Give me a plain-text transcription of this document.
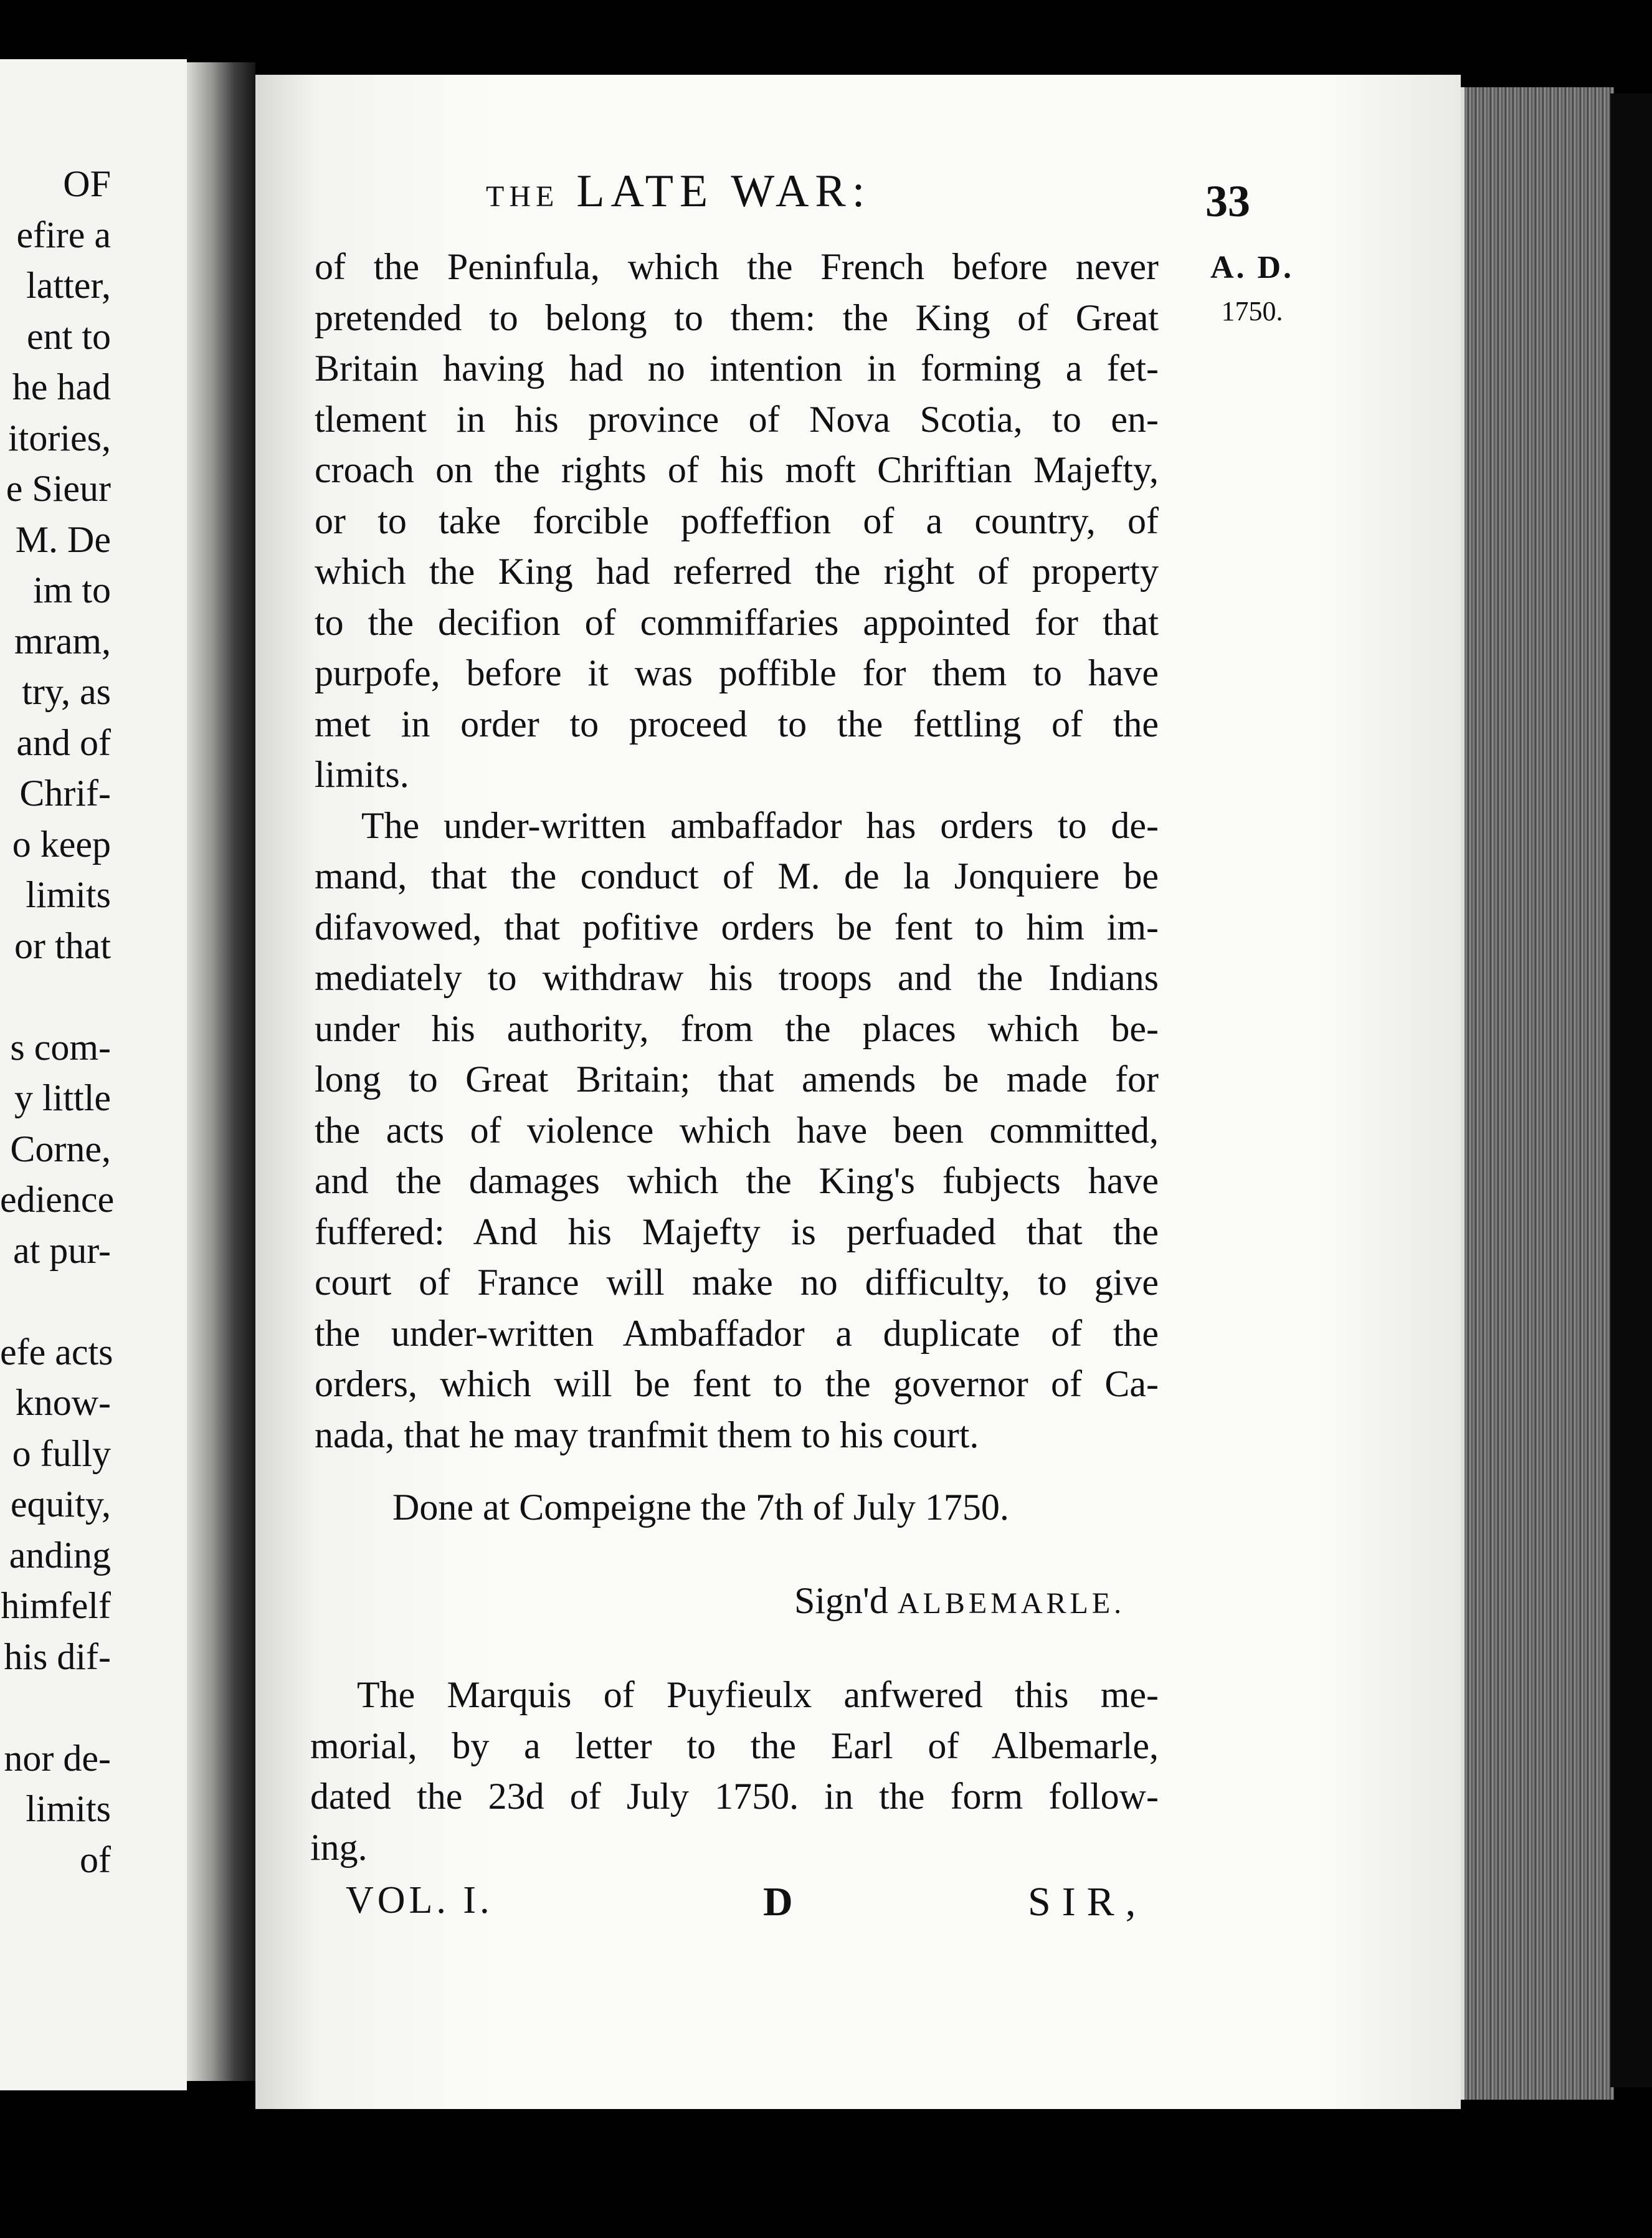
OF
efire a
latter,
ent to
he had
itories,
e Sieur
M. De
im to
mram,
try, as
and of
Chrif-
o keep
limits
or that
s com-
y little
Corne,
edience
at pur-
efe acts
know-
o fully
equity,
anding
himfelf
his dif-
nor de-
limits
of
THE LATE WAR:	33
A. D.
1750.
of the Peninfula, which the French before never
pretended to belong to them: the King of Great
Britain having had no intention in forming a fet-
tlement in his province of Nova Scotia, to en-
croach on the rights of his moft Chriftian Majefty,
or to take forcible poffeffion of a country, of
which the King had referred the right of property
to the decifion of commiffaries appointed for that
purpofe, before it was poffible for them to have
met in order to proceed to the fettling of the
limits.
The under-written ambaffador has orders to de-
mand, that the conduct of M. de la Jonquiere be
difavowed, that pofitive orders be fent to him im-
mediately to withdraw his troops and the Indians
under his authority, from the places which be-
long to Great Britain; that amends be made for
the acts of violence which have been committed,
and the damages which the King's fubjects have
fuffered: And his Majefty is perfuaded that the
court of France will make no difficulty, to give
the under-written Ambaffador a duplicate of the
orders, which will be fent to the governor of Ca-
nada, that he may tranfmit them to his court.
Done at Compeigne the 7th of July 1750.
Sign'd ALBEMARLE.
The Marquis of Puyfieulx anfwered this me-
morial, by a letter to the Earl of Albemarle,
dated the 23d of July 1750. in the form follow-
ing.
VOL. I.	D	SIR,
